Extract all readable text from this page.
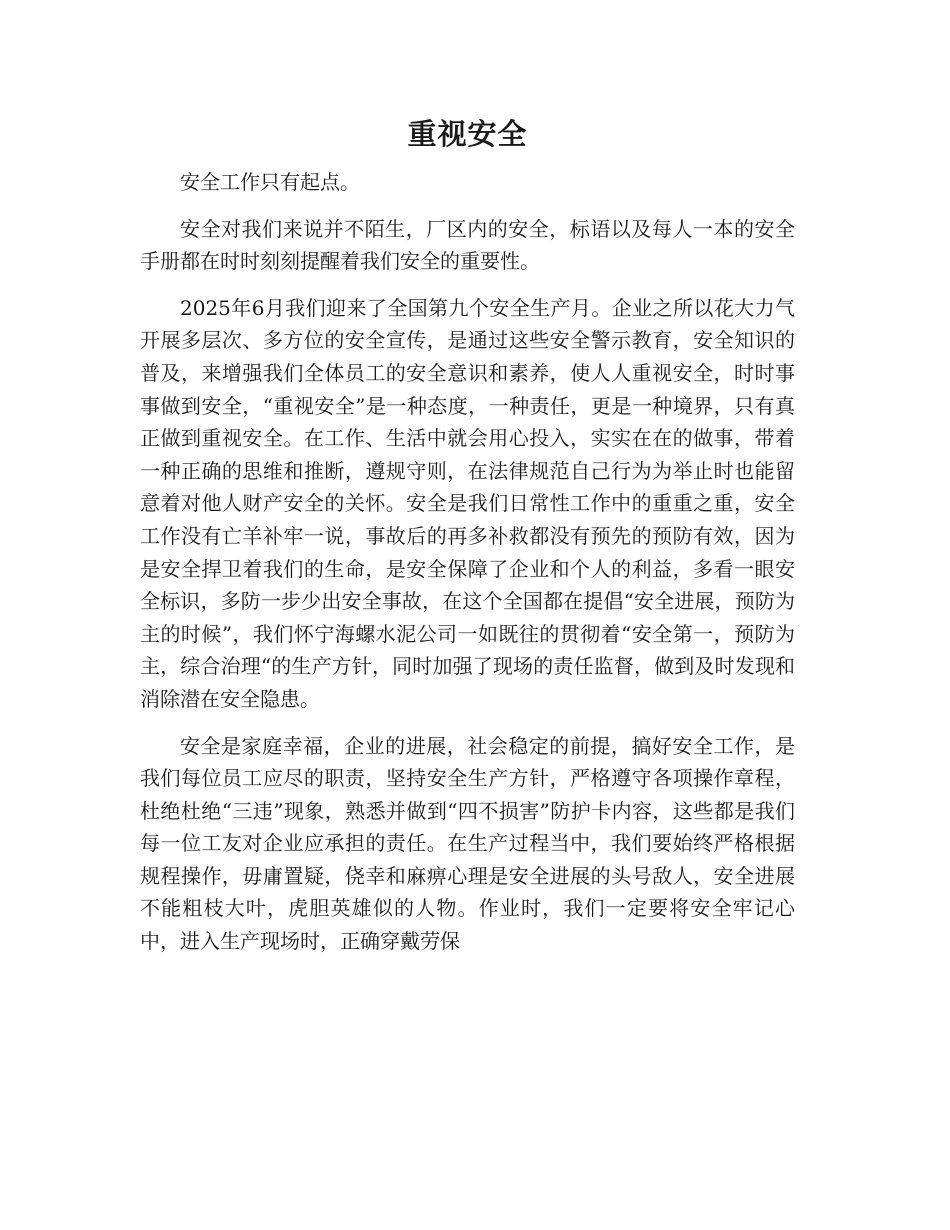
重视安全

安全工作只有起点。

安全对我们来说并不陌生，厂区内的安全，标语以及每人一本的安全手册都在时时刻刻提醒着我们安全的重要性。

2025年6月我们迎来了全国第九个安全生产月。企业之所以花大力气开展多层次、多方位的安全宣传，是通过这些安全警示教育，安全知识的普及，来增强我们全体员工的安全意识和素养，使人人重视安全，时时事事做到安全，“重视安全”是一种态度，一种责任，更是一种境界，只有真正做到重视安全。在工作、生活中就会用心投入，实实在在的做事，带着一种正确的思维和推断，遵规守则，在法律规范自己行为为举止时也能留意着对他人财产安全的关怀。安全是我们日常性工作中的重重之重，安全工作没有亡羊补牢一说，事故后的再多补救都没有预先的预防有效，因为是安全捍卫着我们的生命，是安全保障了企业和个人的利益，多看一眼安全标识，多防一步少出安全事故，在这个全国都在提倡“安全进展，预防为主的时候”，我们怀宁海螺水泥公司一如既往的贯彻着“安全第一，预防为主，综合治理“的生产方针，同时加强了现场的责任监督，做到及时发现和消除潜在安全隐患。

安全是家庭幸福，企业的进展，社会稳定的前提，搞好安全工作，是我们每位员工应尽的职责，坚持安全生产方针，严格遵守各项操作章程，杜绝杜绝“三违”现象，熟悉并做到“四不损害”防护卡内容，这些都是我们每一位工友对企业应承担的责任。在生产过程当中，我们要始终严格根据规程操作，毋庸置疑，侥幸和麻痹心理是安全进展的头号敌人，安全进展不能粗枝大叶，虎胆英雄似的人物。作业时，我们一定要将安全牢记心中，进入生产现场时，正确穿戴劳保
